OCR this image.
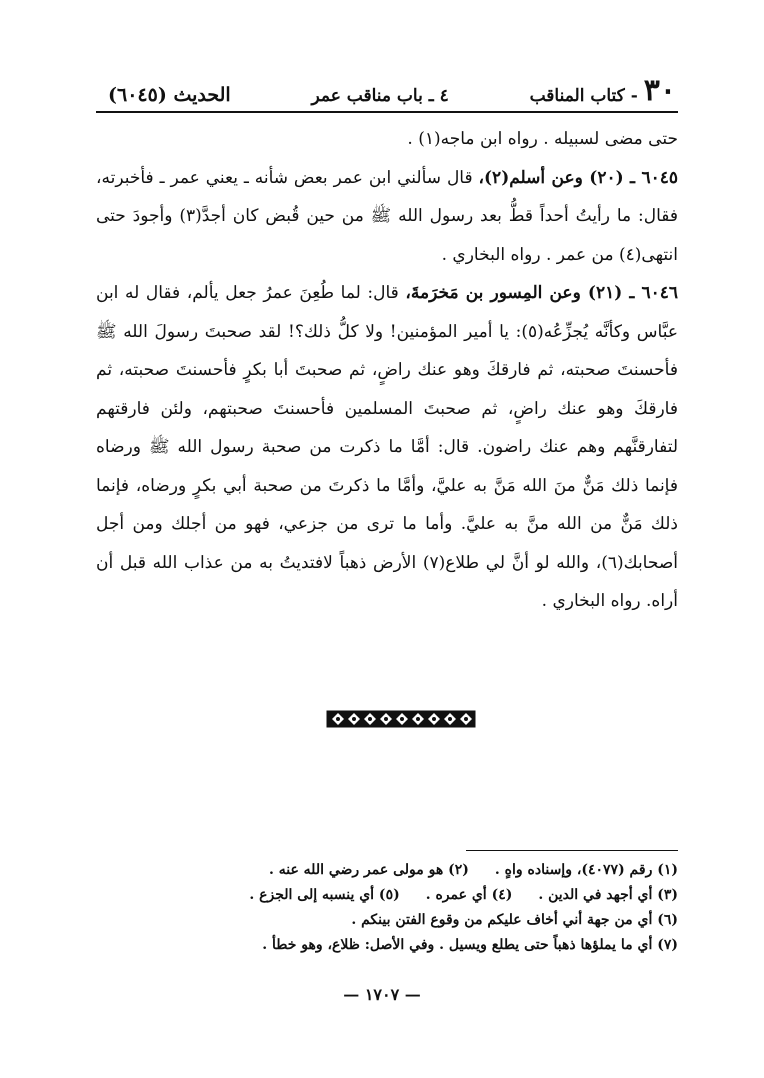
٣٠
- كتاب المناقب
٤ ـ باب مناقب عمر
الحديث (٦٠٤٥)

حتى مضى لسبيله . رواه ابن ماجه(١) .

٦٠٤٥ ـ (٢٠) وعن أسلم(٢)، قال سألني ابن عمر بعض شأنه ـ يعني عمر ـ فأخبرته، فقال: ما رأيتُ أحداً قطُّ بعد رسول الله ﷺ من حين قُبض كان أجدَّ(٣) وأجودَ حتى انتهى(٤) من عمر . رواه البخاري .

٦٠٤٦ ـ (٢١) وعن المِسور بن مَخرَمةَ، قال: لما طُعِنَ عمرُ جعل يألم، فقال له ابن عبَّاس وكأنَّه يُجزِّعُه(٥): يا أمير المؤمنين! ولا كلُّ ذلك؟! لقد صحبتَ رسولَ الله ﷺ فأحسنتَ صحبته، ثم فارقكَ وهو عنك راضٍ، ثم صحبتَ أبا بكرٍ فأحسنتَ صحبته، ثم فارقكَ وهو عنك راضٍ، ثم صحبتَ المسلمين فأحسنتَ صحبتهم، ولئن فارقتهم لتفارقنَّهم وهم عنك راضون. قال: أمَّا ما ذكرت من صحبة رسول الله ﷺ ورضاه فإنما ذلك مَنٌّ منَ الله مَنَّ به عليَّ، وأمَّا ما ذكرتَ من صحبة أبي بكرٍ ورضاه، فإنما ذلك مَنٌّ من الله منَّ به عليَّ. وأما ما ترى من جزعي، فهو من أجلك ومن أجل أصحابك(٦)، والله لو أنَّ لي طلاع(٧) الأرض ذهباً لافتديتُ به من عذاب الله قبل أن أراه. رواه البخاري .

(١) رقم (٤٠٧٧)، وإسناده واهٍ .
(٢) هو مولى عمر رضي الله عنه .
(٣) أي أجهد في الدين .
(٤) أي عمره .
(٥) أي ينسبه إلى الجزع .
(٦) أي من جهة أني أخاف عليكم من وقوع الفتن بينكم .
(٧) أي ما يملؤها ذهباً حتى يطلع ويسيل . وفي الأصل: ظلاع، وهو خطأ .
— ١٧٠٧ —
